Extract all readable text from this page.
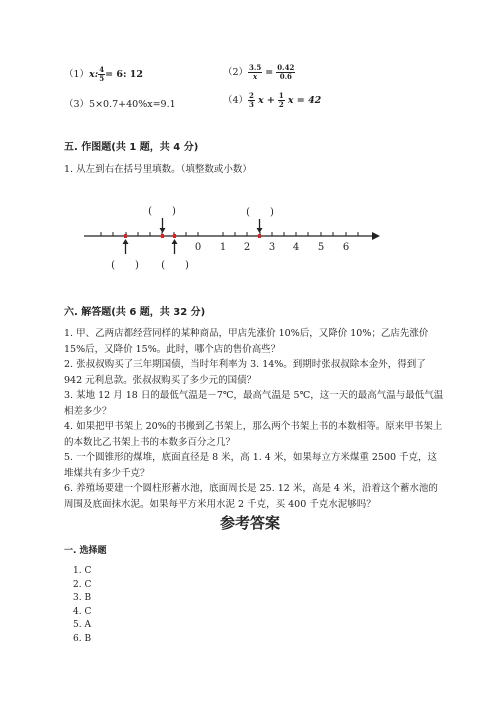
（1）x: $\frac{4}{5} = 6$: 12	$(2) \frac{3.5}{x} = \frac{0.42}{0.6}$
（3）5×0.7+40%x=9.1	$(4) \frac{2}{3}$ $x + \frac{1}{2}$ x = 42
五. 作图题(共 1 题，共 4 分)
1. 从左到右在括号里填数。（填整数或小数）
0 1 2 3 4 5 6
(　　)	(　　)
(　　) (　　)
六. 解答题(共 6 题，共 32 分)
1. 甲、乙两店都经营同样的某种商品，甲店先涨价 10%后，又降价 10%；乙店先涨价 15%后，又降价 15%。此时，哪个店的售价高些？
2. 张叔叔购买了三年期国债，当时年利率为 3. 14%。到期时张叔叔除本金外，得到了 942 元利息款。张叔叔购买了多少元的国债？
3. 某地 12 月 18 日的最低气温是－7℃，最高气温是 5℃，这一天的最高气温与最低气温相差多少？
4. 如果把甲书架上 20%的书搬到乙书架上，那么两个书架上书的本数相等。原来甲书架上的本数比乙书架上书的本数多百分之几？
5. 一个圆锥形的煤堆，底面直径是 8 米，高 1. 4 米，如果每立方米煤重 2500 千克，这堆煤共有多少千克？
6. 养殖场要建一个圆柱形蓄水池，底面周长是 25. 12 米，高是 4 米，沿着这个蓄水池的周围及底面抹水泥。如果每平方米用水泥 2 千克，买 400 千克水泥够吗？
参考答案
一. 选择题
1. C
2. C
3. B
4. C
5. A
6. B
